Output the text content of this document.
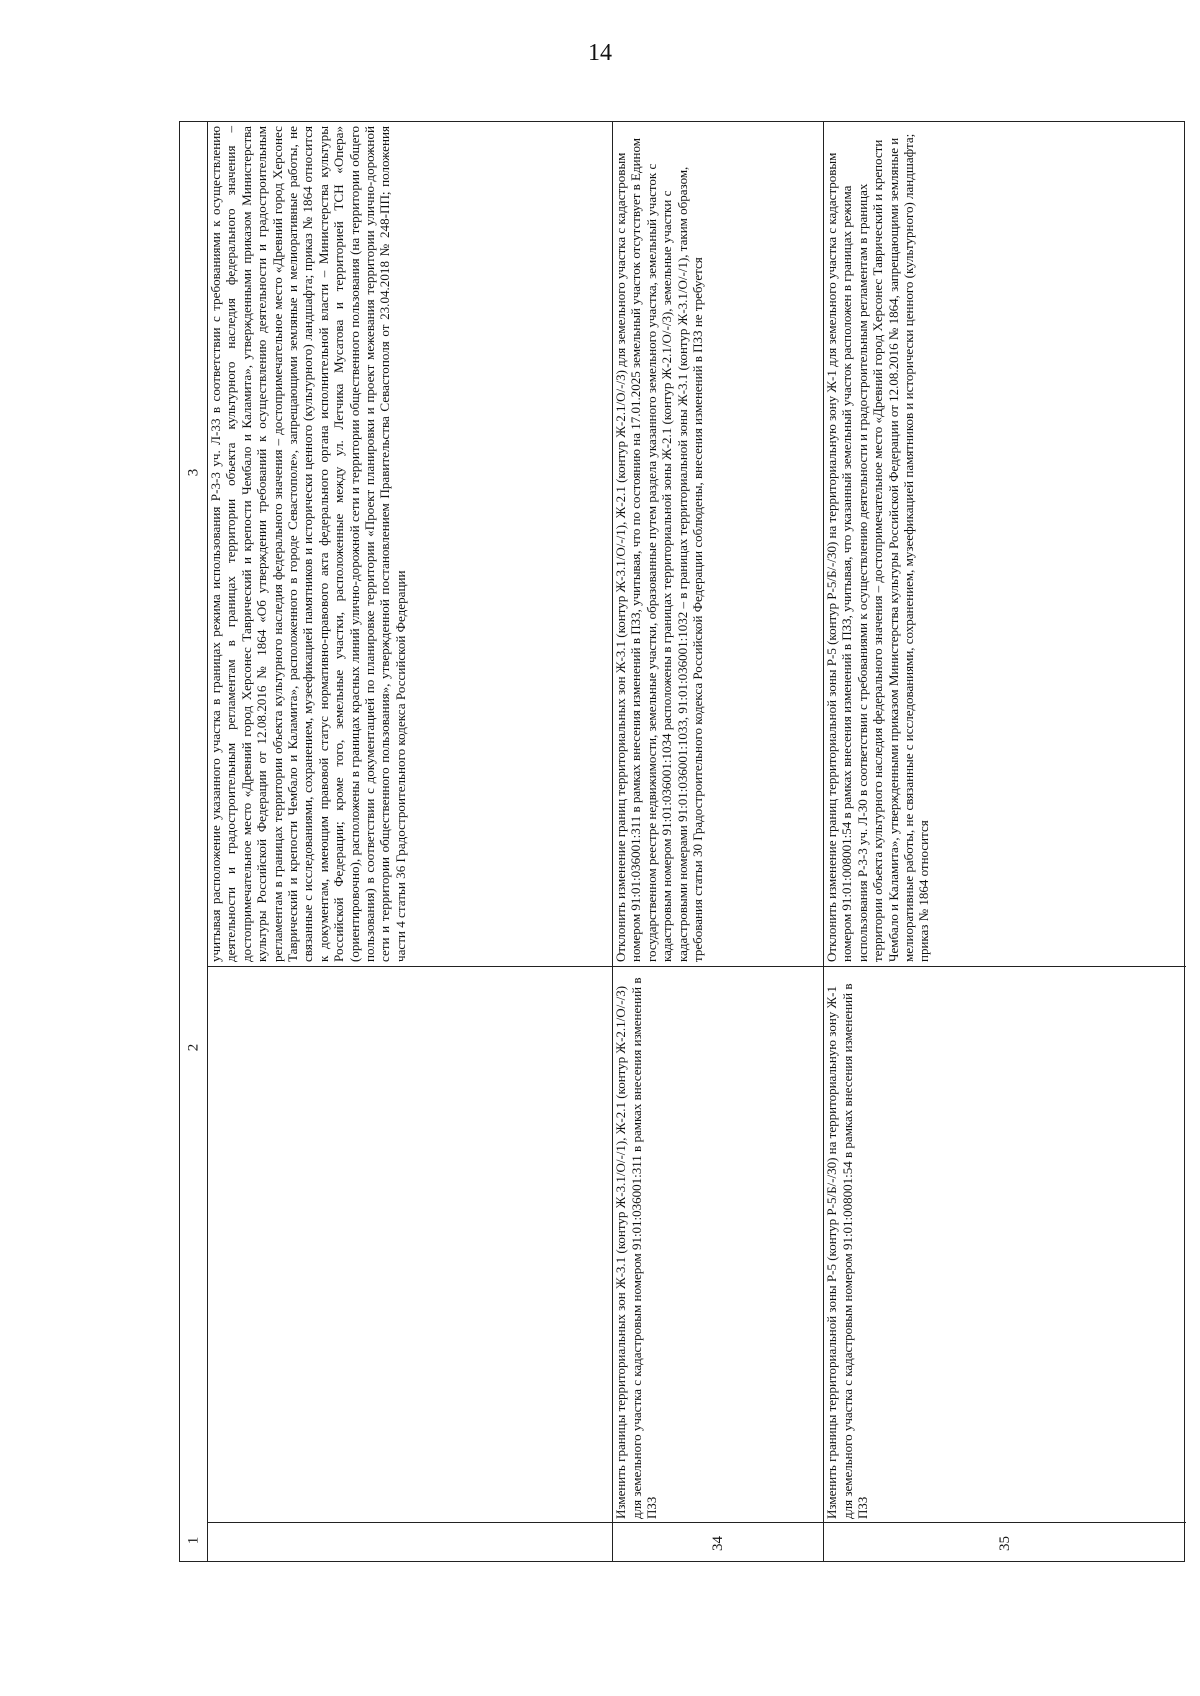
14
1
2
3 учитывая расположение указанного участка в границах режима использования Р-3-3 уч. Л-33 в соответствии с требованиями к осуществлению деятельности и градостроительным регламентам в границах территории объекта культурного наследия федерального значения – достопримечательное место «Древний город Херсонес Таврический и крепости Чембало и Каламита», утвержденными приказом Министерства культуры Российской Федерации от 12.08.2016 № 1864 «Об утверждении требований к осуществлению деятельности и градостроительным регламентам в границах территории объекта культурного наследия федерального значения – достопримечательное место «Древний город Херсонес Таврический и крепости Чембало и Каламита», расположенного в городе Севастополе», запрещающими земляные и мелиоративные работы, не связанные с исследованиями, сохранением, музеефикацией памятников и исторически ценного (культурного) ландшафта; приказ № 1864 относится к документам, имеющим правовой статус нормативно-правового акта федерального органа исполнительной власти – Министерства культуры Российской Федерации; кроме того, земельные участки, расположенные между ул. Летчика Мусатова и территорией ТСН «Опера» (ориентировочно), расположены в границах красных линий улично-дорожной сети и территории общественного пользования (на территории общего пользования) в соответствии с документацией по планировке территории «Проект планировки и проект межевания территории улично-дорожной сети и территории общественного пользования», утвержденной постановлением Правительства Севастополя от 23.04.2018 № 248-ПП; положения части 4 статьи 36 Градостроительного кодекса Российской Федерации
34
Изменить границы территориальных зон Ж-3.1 (контур Ж-3.1/О/-/1), Ж-2.1 (контур Ж-2.1/О/-/3) для земельного участка с кадастровым номером 91:01:036001:311 в рамках внесения изменений в ПЗЗ
Отклонить изменение границ территориальных зон Ж-3.1 (контур Ж-3.1/О/-/1), Ж-2.1 (контур Ж-2.1/О/-/3) для земельного участка с кадастровым номером 91:01:036001:311 в рамках внесения изменений в ПЗЗ, учитывая, что по состоянию на 17.01.2025 земельный участок отсутствует в Едином государственном реестре недвижимости, земельные участки, образованные путем раздела указанного земельного участка, земельный участок с кадастровым номером 91:01:036001:1034 расположены в границах территориальной зоны Ж-2.1 (контур Ж-2.1/О/-/3), земельные участки с кадастровыми номерами 91:01:036001:1033, 91:01:036001:1032 – в границах территориальной зоны Ж-3.1 (контур Ж-3.1/О/-/1), таким образом, требования статьи 30 Градостроительного кодекса Российской Федерации соблюдены, внесения изменений в ПЗЗ не требуется
35
Изменить границы территориальной зоны Р-5 (контур Р-5/Б/-/30) на территориальную зону Ж-1 для земельного участка с кадастровым номером 91:01:008001:54 в рамках внесения изменений в ПЗЗ
Отклонить изменение границ территориальной зоны Р-5 (контур Р-5/Б/-/30) на территориальную зону Ж-1 для земельного участка с кадастровым номером 91:01:008001:54 в рамках внесения изменений в ПЗЗ, учитывая, что указанный земельный участок расположен в границах режима использования Р-3-3 уч. Л-30 в соответствии с требованиями к осуществлению деятельности и градостроительным регламентам в границах территории объекта культурного наследия федерального значения – достопримечательное место «Древний город Херсонес Таврический и крепости Чембало и Каламита», утвержденными приказом Министерства культуры Российской Федерации от 12.08.2016 № 1864, запрещающими земляные и мелиоративные работы, не связанные с исследованиями, сохранением, музеефикацией памятников и исторически ценного (культурного) ландшафта; приказ № 1864 относится
